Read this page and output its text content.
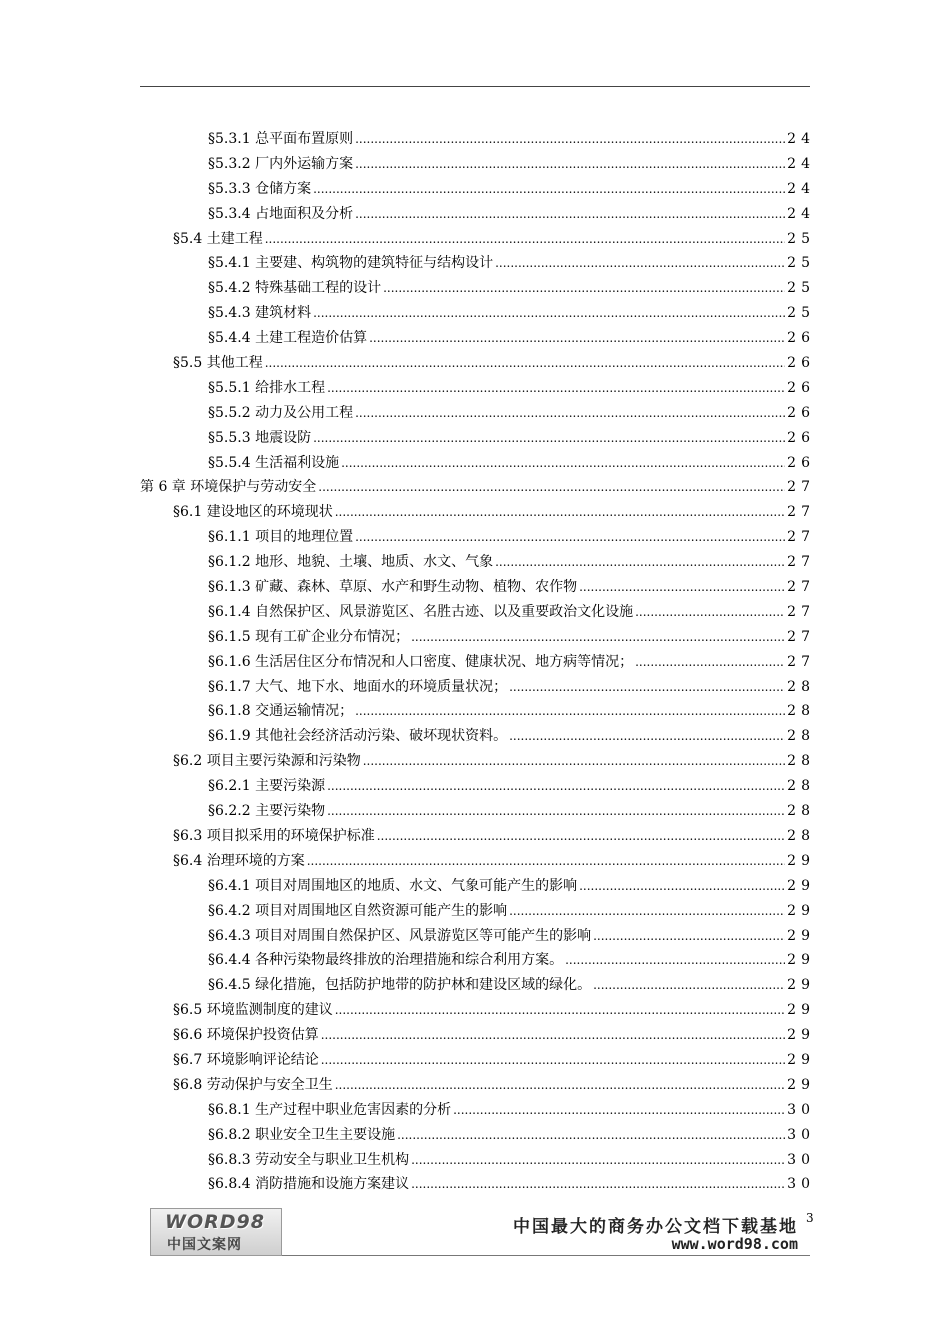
§5.3.1 总平面布置原则 .....	24
§5.3.2 厂内外运输方案 .....	24
§5.3.3 仓储方案 .....	24
§5.3.4 占地面积及分析 .....	24
§5.4 土建工程 .....	25
§5.4.1 主要建、构筑物的建筑特征与结构设计 .....	25
§5.4.2 特殊基础工程的设计 .....	25
§5.4.3 建筑材料 .....	25
§5.4.4 土建工程造价估算 .....	26
§5.5 其他工程 .....	26
§5.5.1 给排水工程 .....	26
§5.5.2 动力及公用工程 .....	26
§5.5.3 地震设防 .....	26
§5.5.4 生活福利设施 .....	26
第 6 章 环境保护与劳动安全 .....	27
§6.1 建设地区的环境现状 .....	27
§6.1.1 项目的地理位置 .....	27
§6.1.2 地形、地貌、土壤、地质、水文、气象 .....	27
§6.1.3 矿藏、森林、草原、水产和野生动物、植物、农作物 .....	27
§6.1.4 自然保护区、风景游览区、名胜古迹、以及重要政治文化设施 .....	27
§6.1.5 现有工矿企业分布情况； .....	27
§6.1.6 生活居住区分布情况和人口密度、健康状况、地方病等情况； .....	27
§6.1.7 大气、地下水、地面水的环境质量状况； .....	28
§6.1.8 交通运输情况； .....	28
§6.1.9 其他社会经济活动污染、破坏现状资料。 .....	28
§6.2 项目主要污染源和污染物 .....	28
§6.2.1 主要污染源 .....	28
§6.2.2 主要污染物 .....	28
§6.3 项目拟采用的环境保护标准 .....	28
§6.4 治理环境的方案 .....	29
§6.4.1 项目对周围地区的地质、水文、气象可能产生的影响 .....	29
§6.4.2 项目对周围地区自然资源可能产生的影响 .....	29
§6.4.3 项目对周围自然保护区、风景游览区等可能产生的影响 .....	29
§6.4.4 各种污染物最终排放的治理措施和综合利用方案。 .....	29
§6.4.5 绿化措施，包括防护地带的防护林和建设区域的绿化。 .....	29
§6.5 环境监测制度的建议 .....	29
§6.6 环境保护投资估算 .....	29
§6.7 环境影响评论结论 .....	29
§6.8 劳动保护与安全卫生 .....	29
§6.8.1 生产过程中职业危害因素的分析 .....	30
§6.8.2 职业安全卫生主要设施 .....	30
§6.8.3 劳动安全与职业卫生机构 .....	30
§6.8.4 消防措施和设施方案建议 .....	30
WORD98
中国文案网
中国最大的商务办公文档下载基地
www.word98.com
3
